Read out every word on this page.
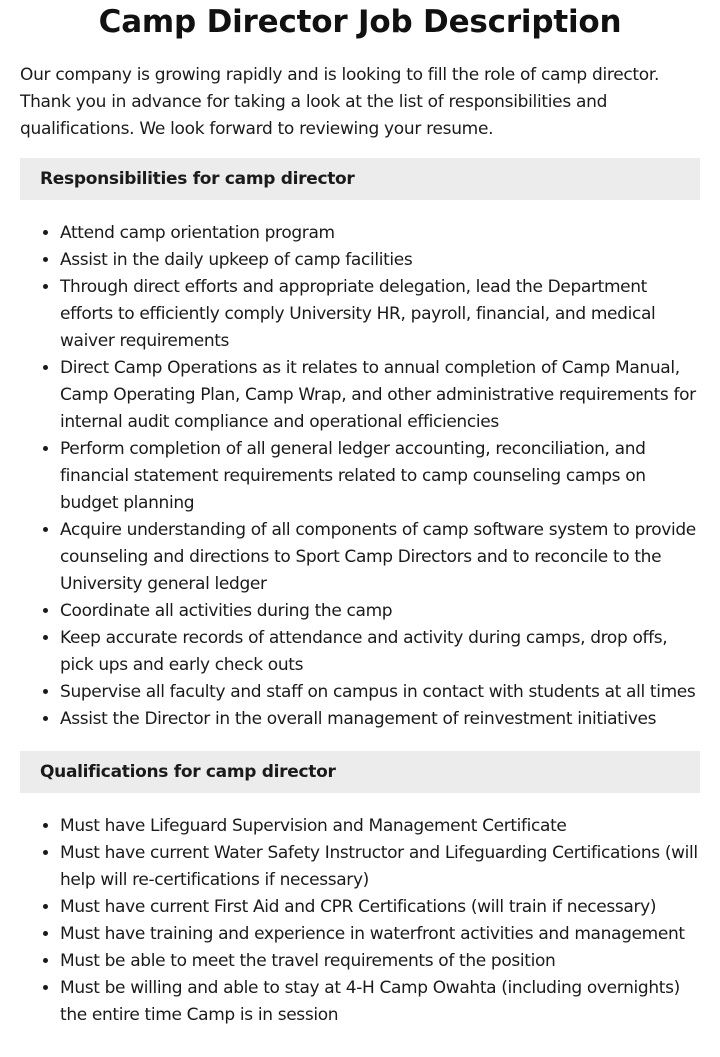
Camp Director Job Description

Our company is growing rapidly and is looking to fill the role of camp director. Thank you in advance for taking a look at the list of responsibilities and qualifications. We look forward to reviewing your resume.

Responsibilities for camp director
• Attend camp orientation program
• Assist in the daily upkeep of camp facilities
• Through direct efforts and appropriate delegation, lead the Department efforts to efficiently comply University HR, payroll, financial, and medical waiver requirements
• Direct Camp Operations as it relates to annual completion of Camp Manual, Camp Operating Plan, Camp Wrap, and other administrative requirements for internal audit compliance and operational efficiencies
• Perform completion of all general ledger accounting, reconciliation, and financial statement requirements related to camp counseling camps on budget planning
• Acquire understanding of all components of camp software system to provide counseling and directions to Sport Camp Directors and to reconcile to the University general ledger
• Coordinate all activities during the camp
• Keep accurate records of attendance and activity during camps, drop offs, pick ups and early check outs
• Supervise all faculty and staff on campus in contact with students at all times
• Assist the Director in the overall management of reinvestment initiatives
Qualifications for camp director
• Must have Lifeguard Supervision and Management Certificate
• Must have current Water Safety Instructor and Lifeguarding Certifications (will help will re-certifications if necessary)
• Must have current First Aid and CPR Certifications (will train if necessary)
• Must have training and experience in waterfront activities and management
• Must be able to meet the travel requirements of the position
• Must be willing and able to stay at 4-H Camp Owahta (including overnights) the entire time Camp is in session
